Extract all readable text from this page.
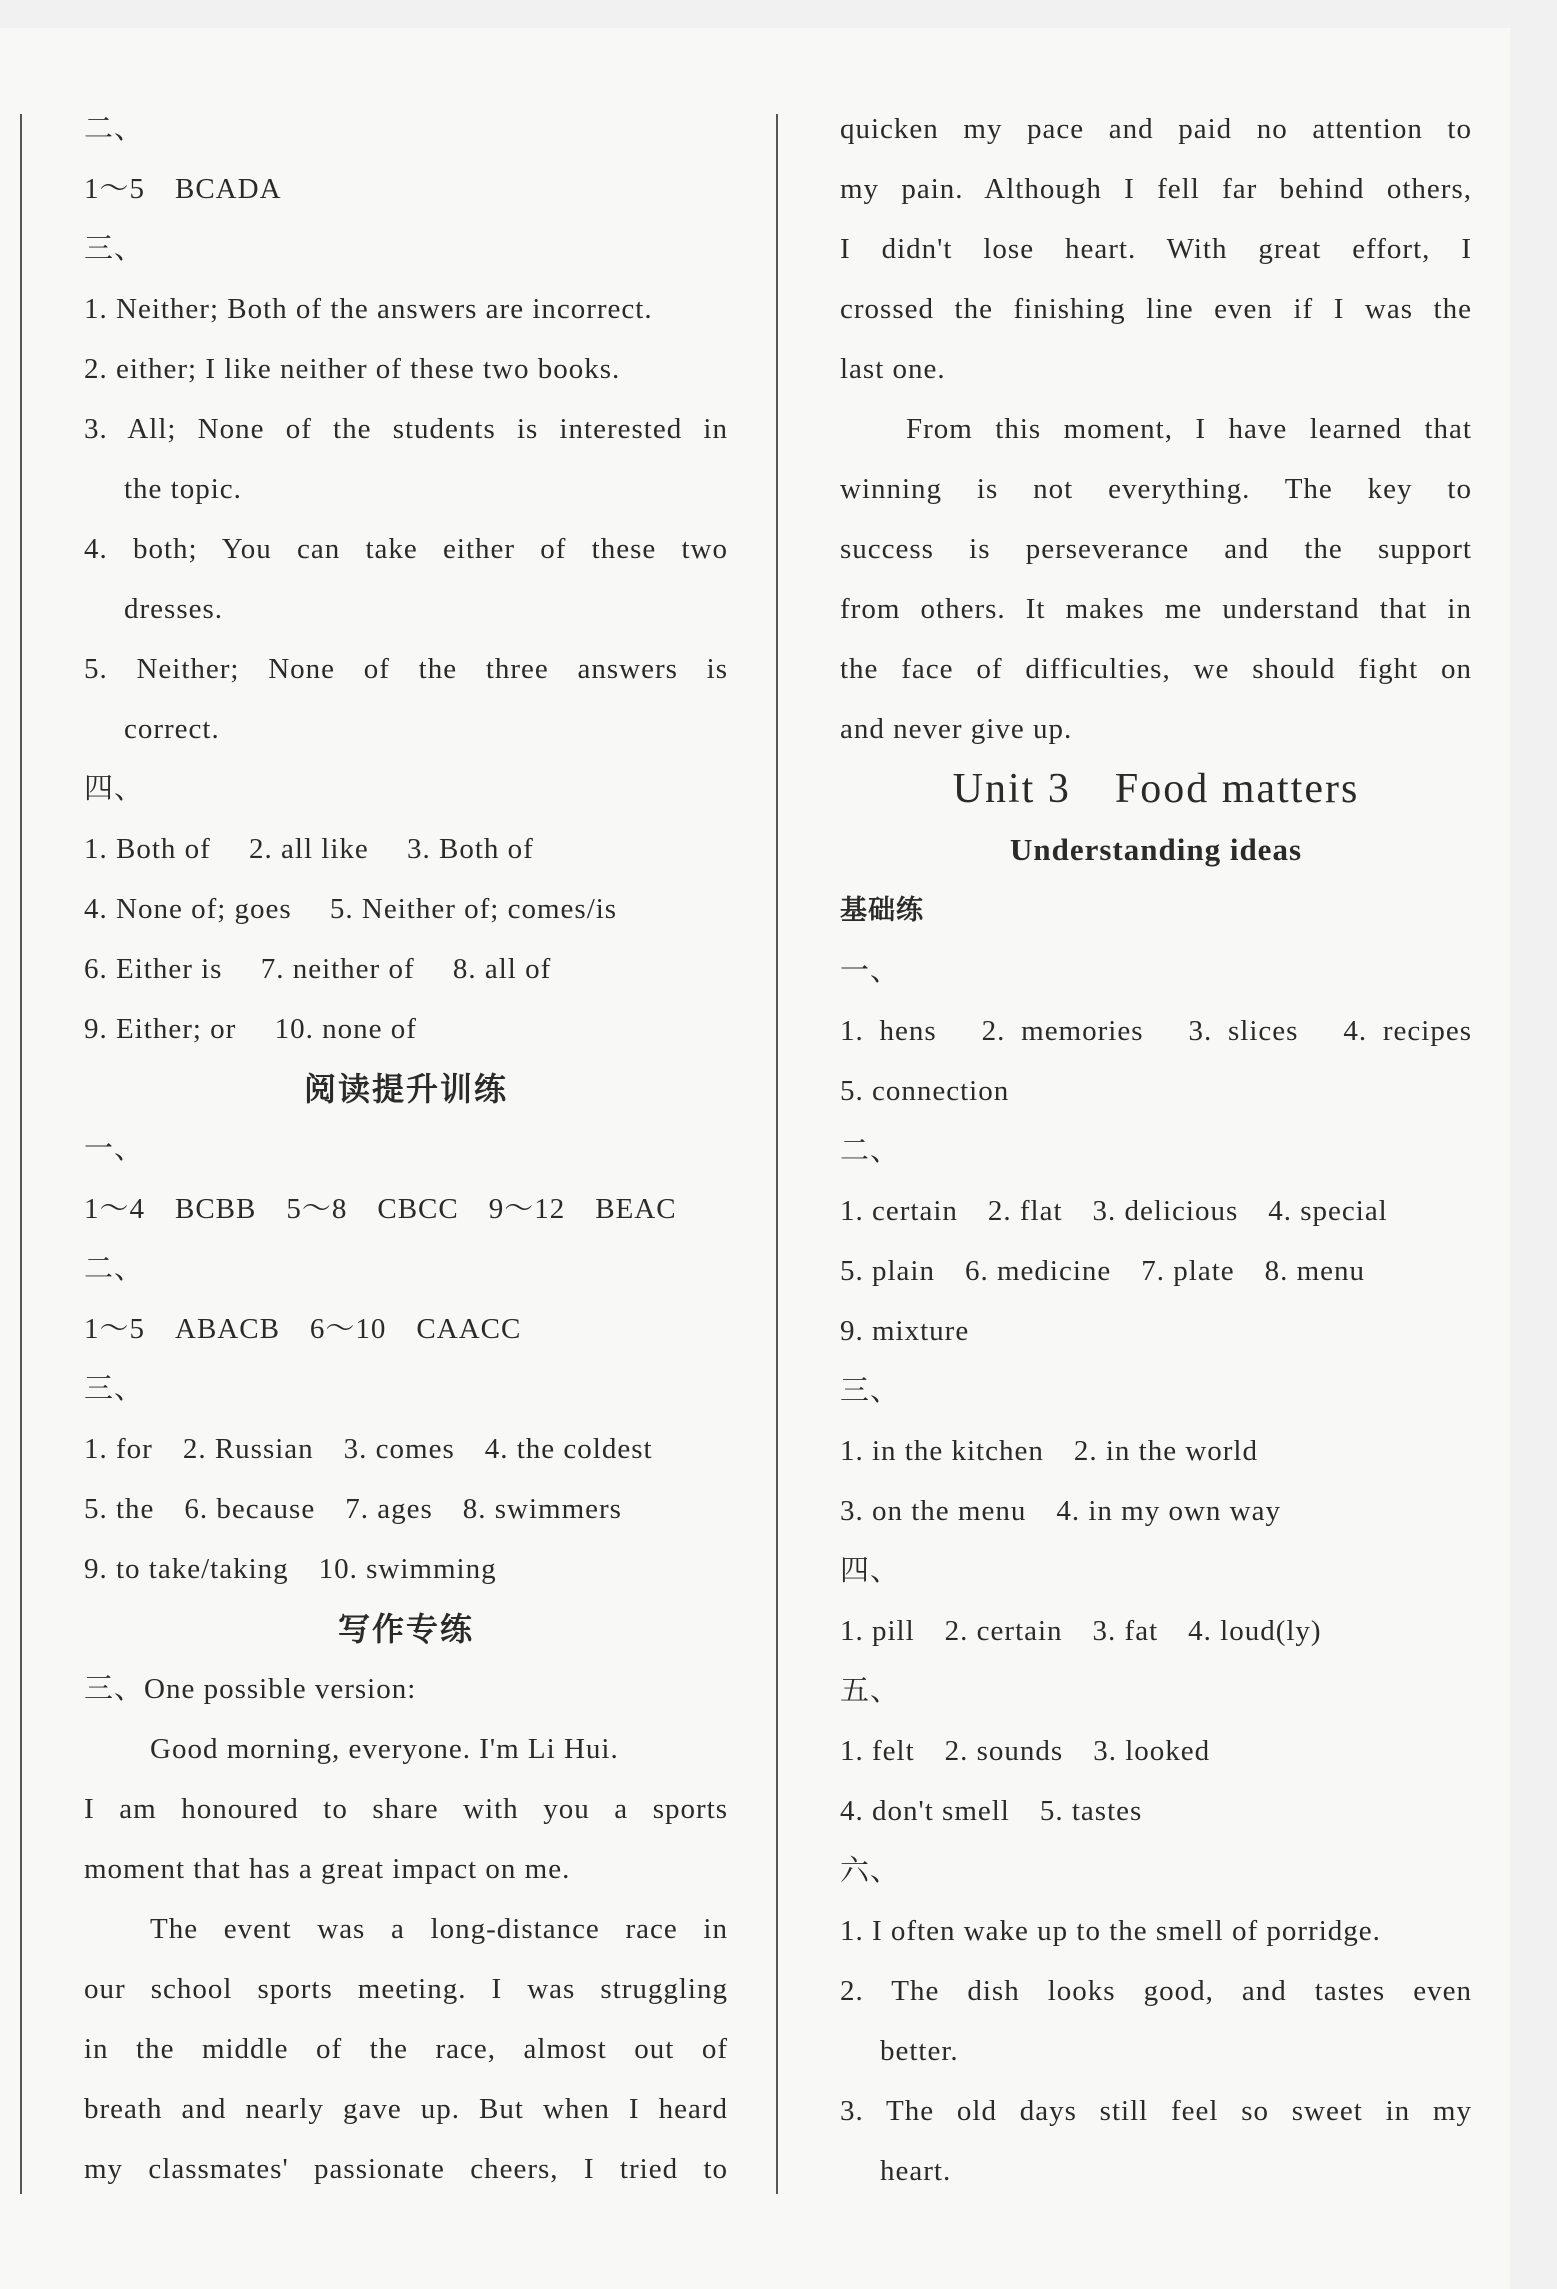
二、
1～5　BCADA
三、
1. Neither; Both of the answers are incorrect.
2. either; I like neither of these two books.
3. All; None of the students is interested in
the topic.
4. both; You can take either of these two
dresses.
5. Neither; None of the three answers is
correct.
四、
1. Both of　 2. all like　 3. Both of
4. None of; goes　 5. Neither of; comes/is
6. Either is　 7. neither of　 8. all of
9. Either; or　 10. none of
阅读提升训练
一、
1～4　BCBB　5～8　CBCC　9～12　BEAC
二、
1～5　ABACB　6～10　CAACC
三、
1. for　2. Russian　3. comes　4. the coldest
5. the　6. because　7. ages　8. swimmers
9. to take/taking　10. swimming
写作专练
三、One possible version:
Good morning, everyone. I'm Li Hui.
I am honoured to share with you a sports
moment that has a great impact on me.
The event was a long-distance race in
our school sports meeting. I was struggling
in the middle of the race, almost out of
breath and nearly gave up. But when I heard
my classmates' passionate cheers, I tried to
quicken my pace and paid no attention to
my pain. Although I fell far behind others,
I didn't lose heart. With great effort, I
crossed the finishing line even if I was the
last one.
From this moment, I have learned that
winning is not everything. The key to
success is perseverance and the support
from others. It makes me understand that in
the face of difficulties, we should fight on
and never give up.
Unit 3　Food matters
Understanding ideas
基础练
一、
1. hens　2. memories　3. slices　4. recipes
5. connection
二、
1. certain　2. flat　3. delicious　4. special
5. plain　6. medicine　7. plate　8. menu
9. mixture
三、
1. in the kitchen　2. in the world
3. on the menu　4. in my own way
四、
1. pill　2. certain　3. fat　4. loud(ly)
五、
1. felt　2. sounds　3. looked
4. don't smell　5. tastes
六、
1. I often wake up to the smell of porridge.
2. The dish looks good, and tastes even
better.
3. The old days still feel so sweet in my
heart.
